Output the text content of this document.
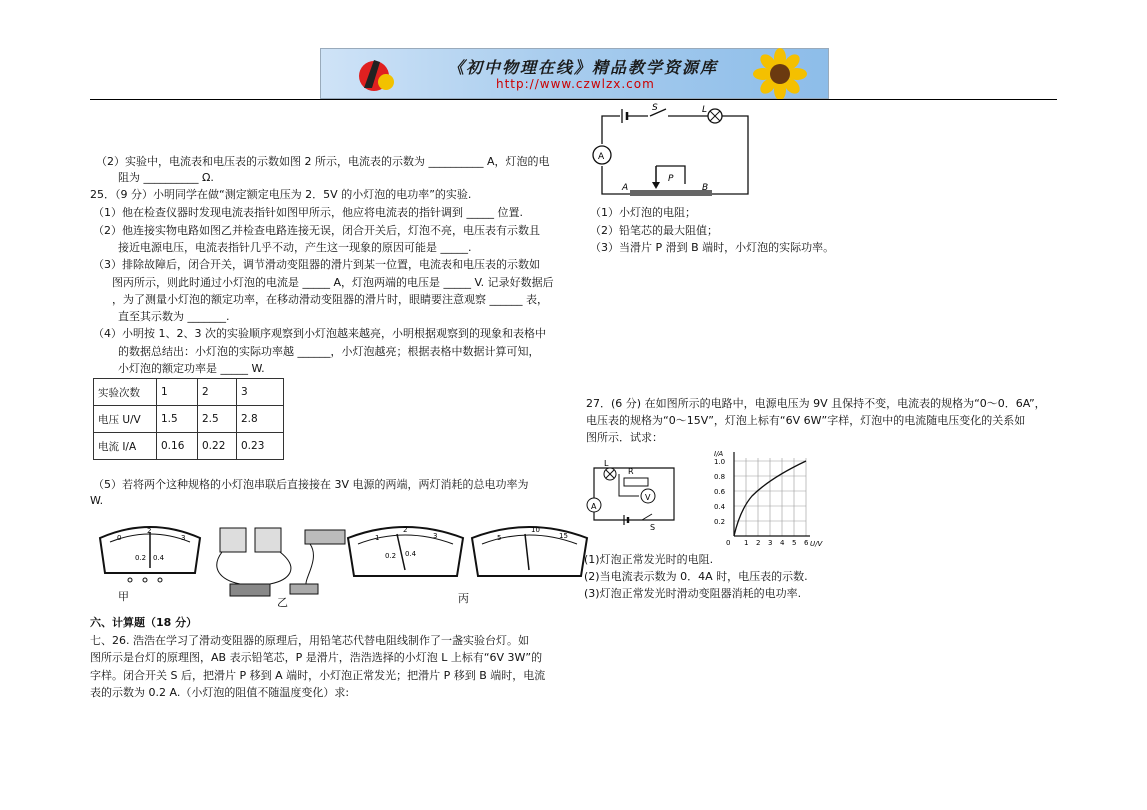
《初中物理在线》精品教学资源库
http://www.czwlzx.com
（2）实验中，电流表和电压表的示数如图 2 所示，电流表的示数为 __________ A，灯泡的电
阻为 __________ Ω.
25．（9 分）小明同学在做“测定额定电压为 2．5V 的小灯泡的电功率”的实验.
（1）他在检查仪器时发现电流表指针如图甲所示，他应将电流表的指针调到 _____ 位置.
（2）他连接实物电路如图乙并检查电路连接无误，闭合开关后，灯泡不亮，电压表有示数且
接近电源电压，电流表指针几乎不动，产生这一现象的原因可能是 _____.
（3）排除故障后，闭合开关，调节滑动变阻器的滑片到某一位置，电流表和电压表的示数如
图丙所示，则此时通过小灯泡的电流是 _____ A，灯泡两端的电压是 _____ V. 记录好数据后
，为了测量小灯泡的额定功率，在移动滑动变阻器的滑片时，眼睛要注意观察 ______ 表，
直至其示数为 _______.
（4）小明按 1、2、3 次的实验顺序观察到小灯泡越来越亮，小明根据观察到的现象和表格中
的数据总结出：小灯泡的实际功率越 ______，小灯泡越亮；根据表格中数据计算可知，
小灯泡的额定功率是 _____ W.
实验次数	1	2	3
电压 U/V	1.5	2.5	2.8
电流 I/A	0.16	0.22	0.23
（5）若将两个这种规格的小灯泡串联后直接接在 3V 电源的两端，两灯消耗的总电功率为
W.
0
2
3
0.2 0.4
1
2
3
0.2 0.4
5
10
15
甲	乙	丙
六、计算题（18 分）
七、26. 浩浩在学习了滑动变阻器的原理后，用铅笔芯代替电阻线制作了一盏实验台灯。如
图所示是台灯的原理图，AB 表示铅笔芯，P 是滑片，浩浩选择的小灯泡 L 上标有“6V 3W”的
字样。闭合开关 S 后，把滑片 P 移到 A 端时，小灯泡正常发光；把滑片 P 移到 B 端时，电流
表的示数为 0.2 A.（小灯泡的阻值不随温度变化）求:
S	L
A
A	B
P
（1）小灯泡的电阻；
（2）铅笔芯的最大阻值；
（3）当滑片 P 滑到 B 端时，小灯泡的实际功率。
27．(6 分) 在如图所示的电路中，电源电压为 9V 且保持不变，电流表的规格为“0～0．6A”，
电压表的规格为“0～15V”，灯泡上标有“6V 6W”字样，灯泡中的电流随电压变化的关系如
图所示．试求：
A
L
R
V
S
I/A
U/V
1.0
0.8
0.6
0.4
0.2
0 1 2 3 4 5 6
(1)灯泡正常发光时的电阻.
(2)当电流表示数为 0．4A 时，电压表的示数.
(3)灯泡正常发光时滑动变阻器消耗的电功率.
